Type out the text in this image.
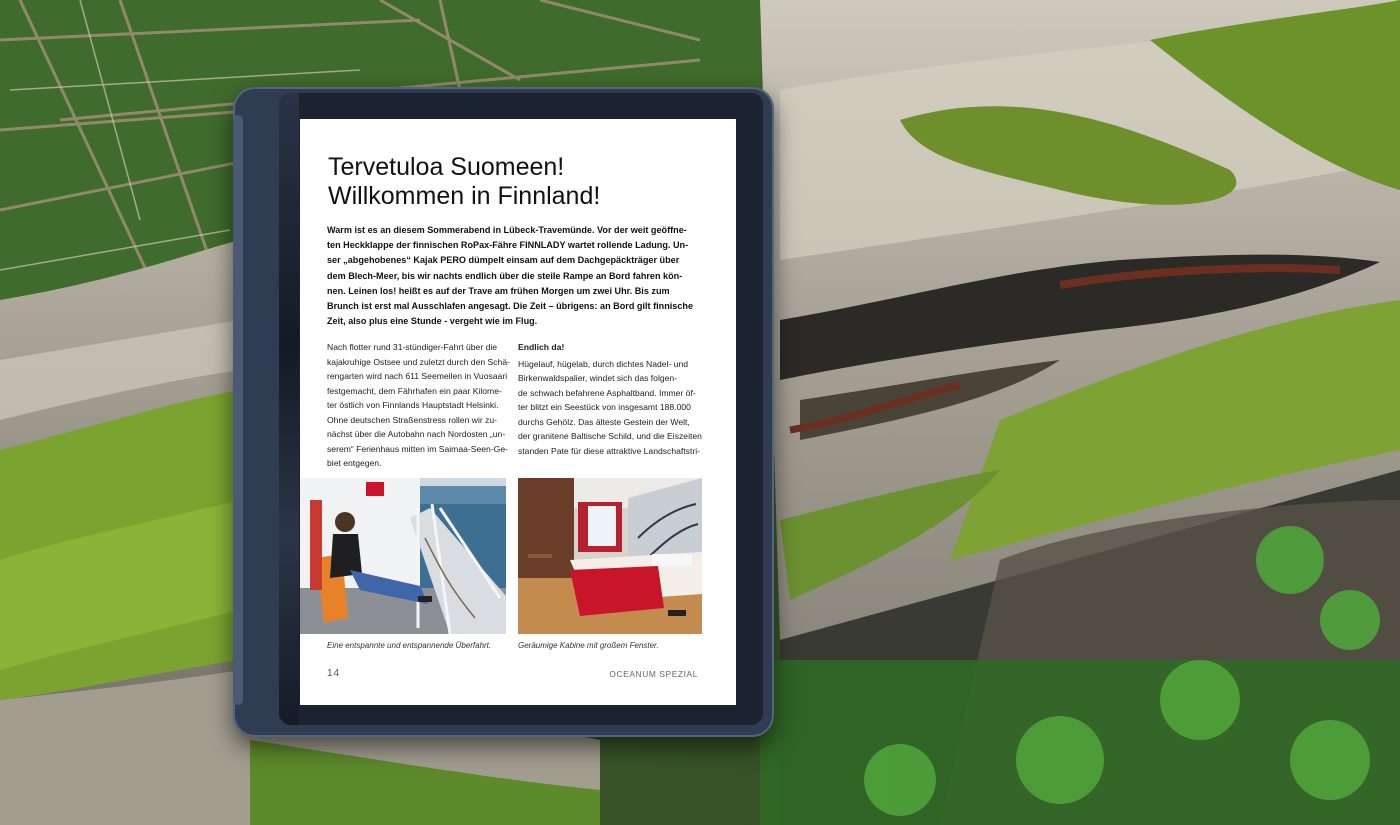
Tervetuloa Suomeen!
Willkommen in Finnland!
Warm ist es an diesem Sommerabend in Lübeck-Travemünde. Vor der weit geöffne-
ten Heckklappe der finnischen RoPax-Fähre FINNLADY wartet rollende Ladung. Un-
ser „abgehobenes“ Kajak PERO dümpelt einsam auf dem Dachgepäckträger über
dem Blech-Meer, bis wir nachts endlich über die steile Rampe an Bord fahren kön-
nen. Leinen los! heißt es auf der Trave am frühen Morgen um zwei Uhr. Bis zum
Brunch ist erst mal Ausschlafen angesagt. Die Zeit – übrigens: an Bord gilt finnische
Zeit, also plus eine Stunde - vergeht wie im Flug.
Nach flotter rund 31-stündiger-Fahrt über die
kajakruhige Ostsee und zuletzt durch den Schä-
rengarten wird nach 611 Seemeilen in Vuosaari
festgemacht, dem Fährhafen ein paar Kilome-
ter östlich von Finnlands Hauptstadt Helsinki.
Ohne deutschen Straßenstress rollen wir zu-
nächst über die Autobahn nach Nordosten „un-
serem“ Ferienhaus mitten im Saimaa-Seen-Ge-
biet entgegen.
Endlich da!
Hügelauf, hügelab, durch dichtes Nadel- und
Birkenwaldspalier, windet sich das folgen-
de schwach befahrene Asphaltband. Immer öf-
ter blitzt ein Seestück von insgesamt 188.000
durchs Gehölz. Das älteste Gestein der Welt,
der granitene Baltische Schild, und die Eiszeiten
standen Pate für diese attraktive Landschaftstri-
Eine entspannte und entspannende Überfahrt.	Geräumige Kabine mit großem Fenster.
14	OCEANUM SPEZIAL
